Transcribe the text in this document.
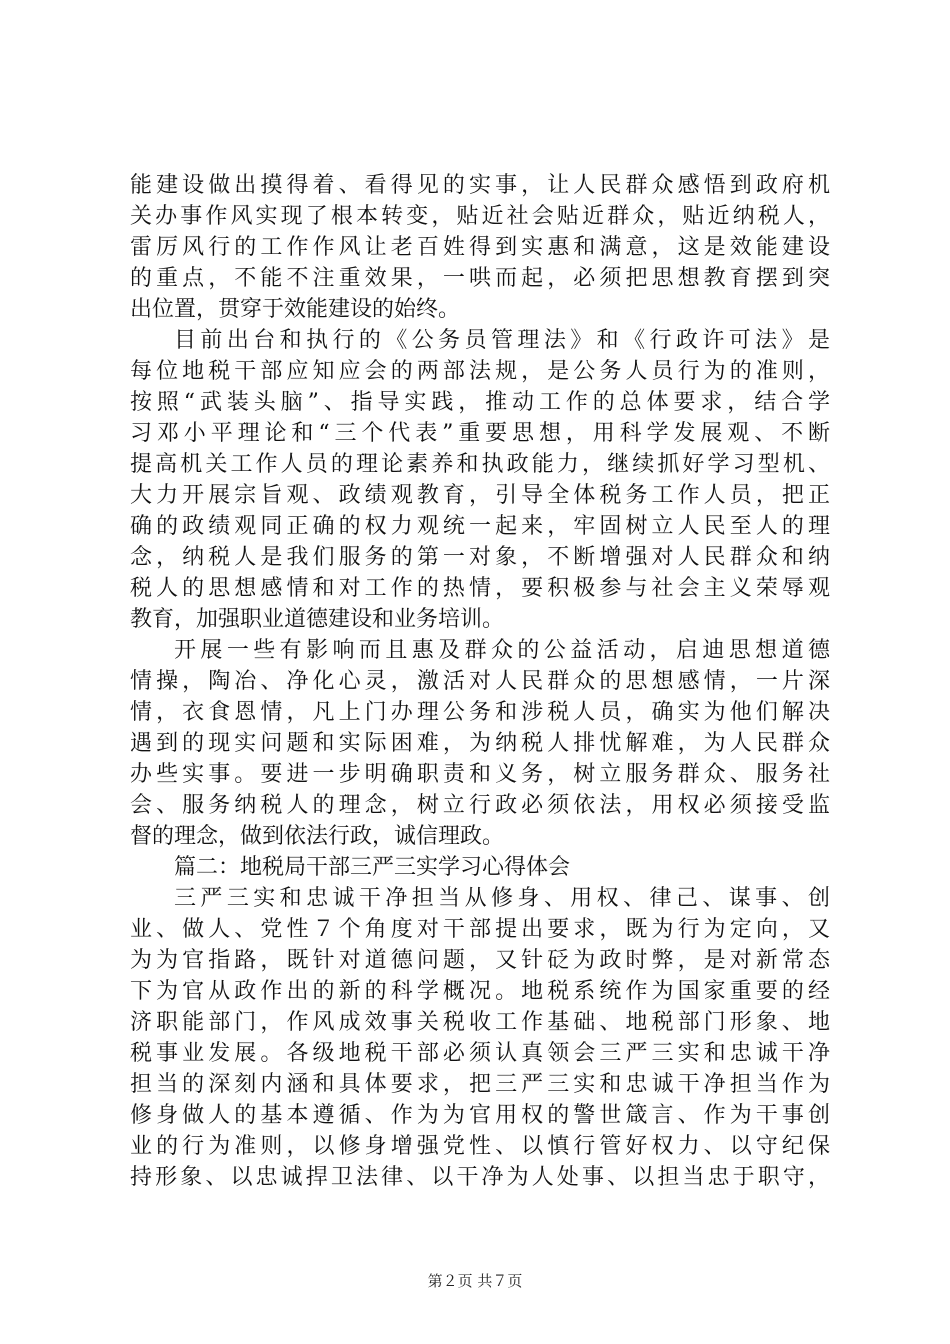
能建设做出摸得着、看得见的实事，让人民群众感悟到政府机
关办事作风实现了根本转变，贴近社会贴近群众，贴近纳税人，
雷厉风行的工作作风让老百姓得到实惠和满意，这是效能建设
的重点，不能不注重效果，一哄而起，必须把思想教育摆到突
出位置，贯穿于效能建设的始终。
目前出台和执行的《公务员管理法》和《行政许可法》是
每位地税干部应知应会的两部法规，是公务人员行为的准则，
按照“武装头脑”、指导实践，推动工作的总体要求，结合学
习邓小平理论和“三个代表”重要思想，用科学发展观、不断
提高机关工作人员的理论素养和执政能力，继续抓好学习型机、
大力开展宗旨观、政绩观教育，引导全体税务工作人员，把正
确的政绩观同正确的权力观统一起来，牢固树立人民至人的理
念，纳税人是我们服务的第一对象，不断增强对人民群众和纳
税人的思想感情和对工作的热情，要积极参与社会主义荣辱观
教育，加强职业道德建设和业务培训。
开展一些有影响而且惠及群众的公益活动，启迪思想道德
情操，陶冶、净化心灵，激活对人民群众的思想感情，一片深
情，衣食恩情，凡上门办理公务和涉税人员，确实为他们解决
遇到的现实问题和实际困难，为纳税人排忧解难，为人民群众
办些实事。要进一步明确职责和义务，树立服务群众、服务社
会、服务纳税人的理念，树立行政必须依法，用权必须接受监
督的理念，做到依法行政，诚信理政。
篇二：地税局干部三严三实学习心得体会
三严三实和忠诚干净担当从修身、用权、律己、谋事、创
业、做人、党性７个角度对干部提出要求，既为行为定向，又
为为官指路，既针对道德问题，又针砭为政时弊，是对新常态
下为官从政作出的新的科学概况。地税系统作为国家重要的经
济职能部门，作风成效事关税收工作基础、地税部门形象、地
税事业发展。各级地税干部必须认真领会三严三实和忠诚干净
担当的深刻内涵和具体要求，把三严三实和忠诚干净担当作为
修身做人的基本遵循、作为为官用权的警世箴言、作为干事创
业的行为准则，以修身增强党性、以慎行管好权力、以守纪保
持形象、以忠诚捍卫法律、以干净为人处事、以担当忠于职守，
第２页 共７页
